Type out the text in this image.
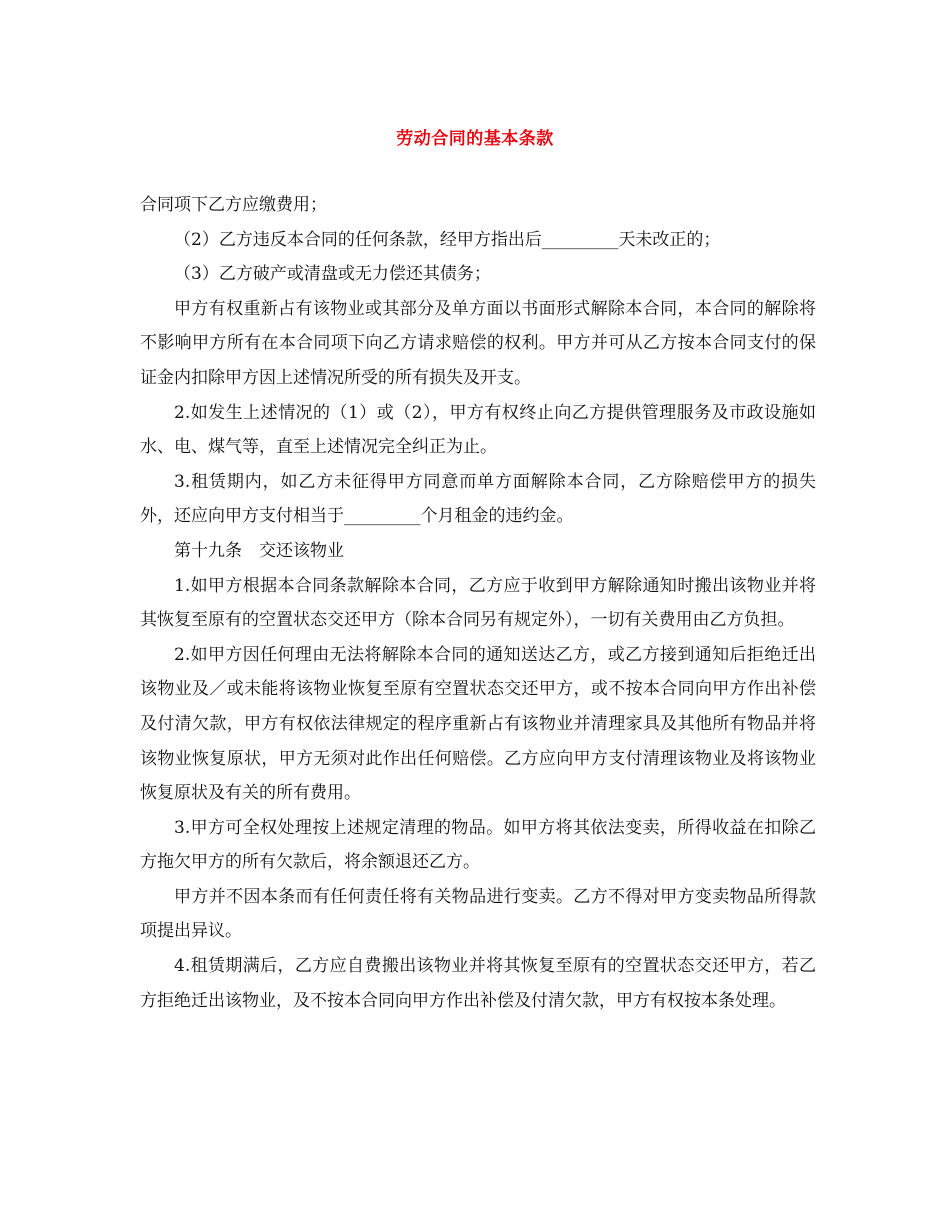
劳动合同的基本条款

合同项下乙方应缴费用；

（2）乙方违反本合同的任何条款，经甲方指出后_________天未改正的；

（3）乙方破产或清盘或无力偿还其债务；

甲方有权重新占有该物业或其部分及单方面以书面形式解除本合同，本合同的解除将不影响甲方所有在本合同项下向乙方请求赔偿的权利。甲方并可从乙方按本合同支付的保证金内扣除甲方因上述情况所受的所有损失及开支。

2.如发生上述情况的（1）或（2），甲方有权终止向乙方提供管理服务及市政设施如水、电、煤气等，直至上述情况完全纠正为止。

3.租赁期内，如乙方未征得甲方同意而单方面解除本合同，乙方除赔偿甲方的损失外，还应向甲方支付相当于_________个月租金的违约金。

第十九条　交还该物业

1.如甲方根据本合同条款解除本合同，乙方应于收到甲方解除通知时搬出该物业并将其恢复至原有的空置状态交还甲方（除本合同另有规定外），一切有关费用由乙方负担。

2.如甲方因任何理由无法将解除本合同的通知送达乙方，或乙方接到通知后拒绝迁出该物业及／或未能将该物业恢复至原有空置状态交还甲方，或不按本合同向甲方作出补偿及付清欠款，甲方有权依法律规定的程序重新占有该物业并清理家具及其他所有物品并将该物业恢复原状，甲方无须对此作出任何赔偿。乙方应向甲方支付清理该物业及将该物业恢复原状及有关的所有费用。

3.甲方可全权处理按上述规定清理的物品。如甲方将其依法变卖，所得收益在扣除乙方拖欠甲方的所有欠款后，将余额退还乙方。

甲方并不因本条而有任何责任将有关物品进行变卖。乙方不得对甲方变卖物品所得款项提出异议。

4.租赁期满后，乙方应自费搬出该物业并将其恢复至原有的空置状态交还甲方，若乙方拒绝迁出该物业，及不按本合同向甲方作出补偿及付清欠款，甲方有权按本条处理。
